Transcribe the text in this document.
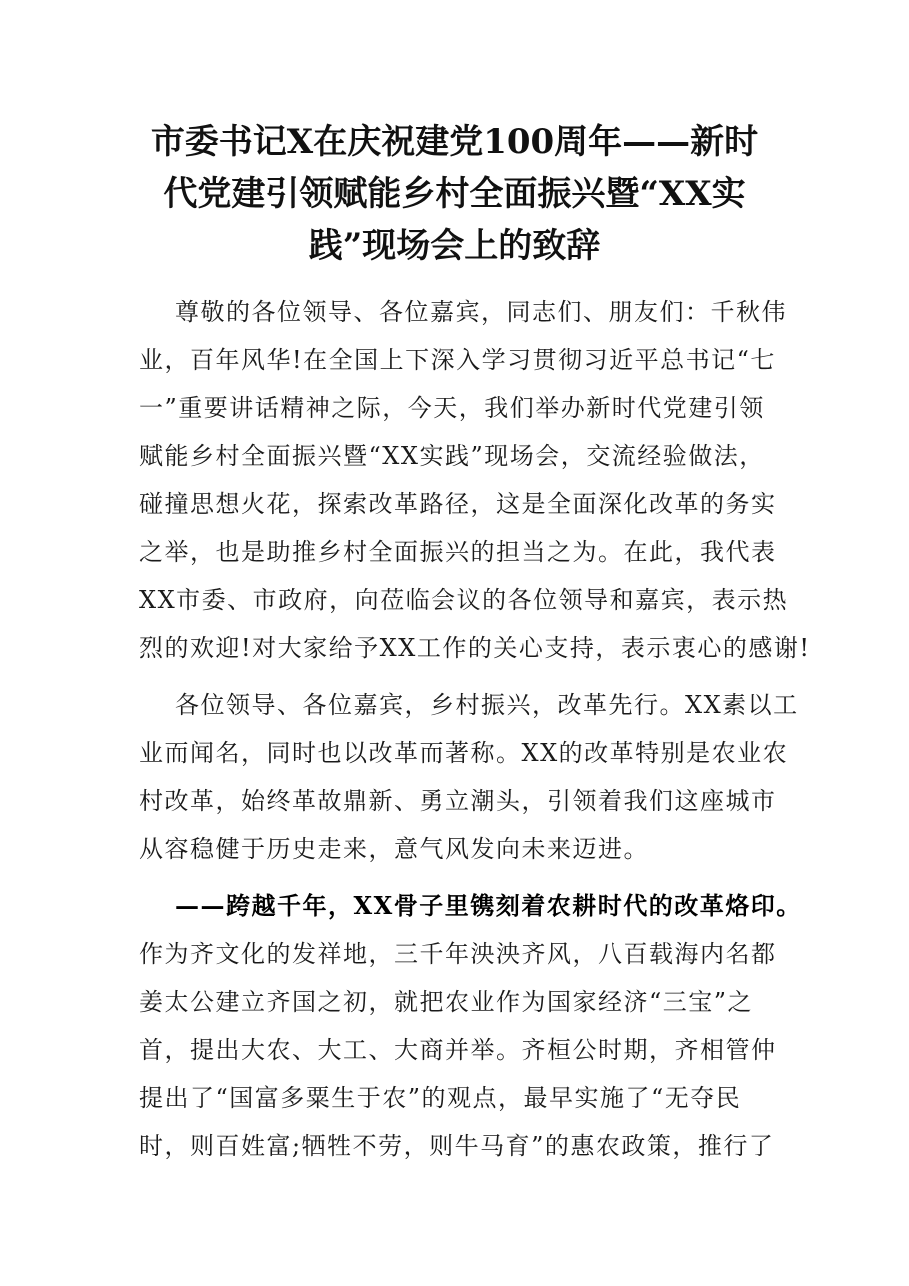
市委书记X在庆祝建党100周年——新时
代党建引领赋能乡村全面振兴暨“XX实
践”现场会上的致辞
尊敬的各位领导、各位嘉宾，同志们、朋友们：千秋伟
业，百年风华!在全国上下深入学习贯彻习近平总书记“七
一”重要讲话精神之际，今天，我们举办新时代党建引领
赋能乡村全面振兴暨“XX实践”现场会，交流经验做法，
碰撞思想火花，探索改革路径，这是全面深化改革的务实
之举，也是助推乡村全面振兴的担当之为。在此，我代表
XX市委、市政府，向莅临会议的各位领导和嘉宾，表示热
烈的欢迎!对大家给予XX工作的关心支持，表示衷心的感谢!
各位领导、各位嘉宾，乡村振兴，改革先行。XX素以工
业而闻名，同时也以改革而著称。XX的改革特别是农业农
村改革，始终革故鼎新、勇立潮头，引领着我们这座城市
从容稳健于历史走来，意气风发向未来迈进。
——跨越千年，XX骨子里镌刻着农耕时代的改革烙印。
作为齐文化的发祥地，三千年泱泱齐风，八百载海内名都
姜太公建立齐国之初，就把农业作为国家经济“三宝”之
首，提出大农、大工、大商并举。齐桓公时期，齐相管仲
提出了“国富多粟生于农”的观点，最早实施了“无夺民
时，则百姓富;牺牲不劳，则牛马育”的惠农政策，推行了
